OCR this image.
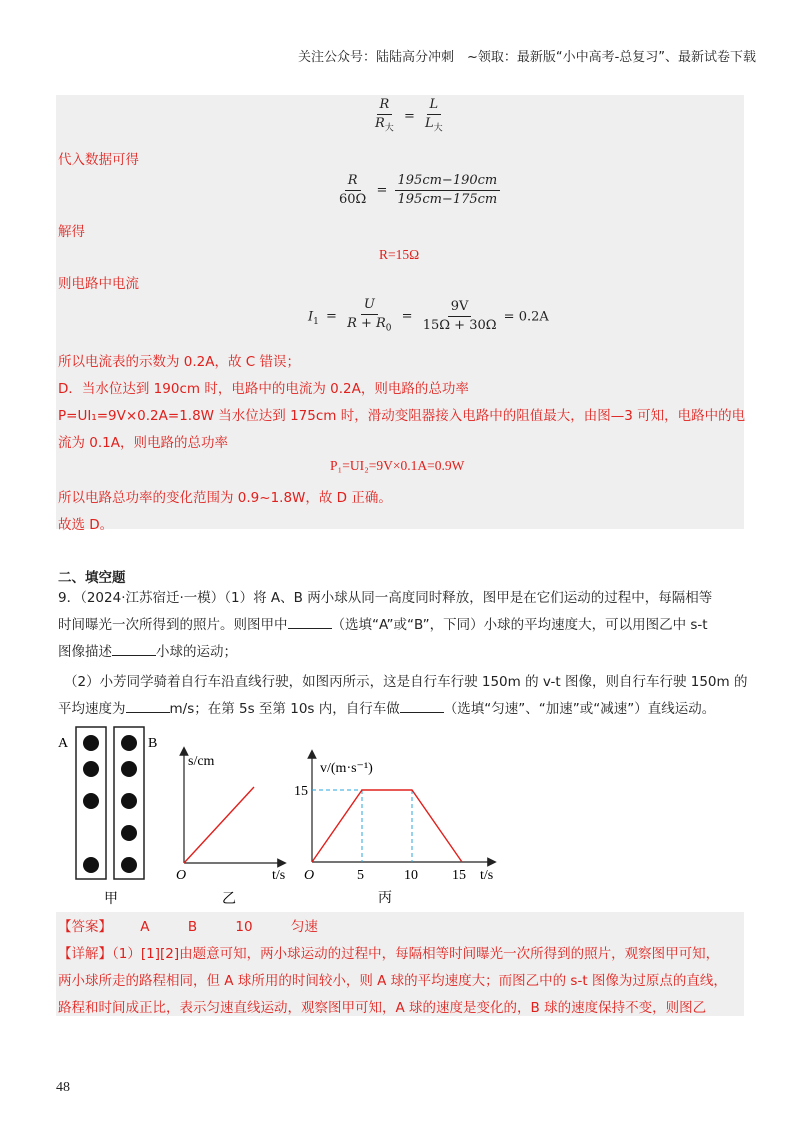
关注公众号：陆陆高分冲刺　~领取：最新版“小中高考-总复习”、最新试卷下载
$\frac{R}{R_大} = \frac{L}{L_大}$
代入数据可得
$\frac{R}{60\Omega} = \frac{195cm-190cm}{195cm-175cm}$
解得
R=15Ω
则电路中电流
$I_1 = \frac{U}{R + R_0} = \frac{9V}{15\Omega + 30\Omega} = 0.2A$
所以电流表的示数为 0.2A，故 C 错误；
D．当水位达到 190cm 时，电路中的电流为 0.2A，则电路的总功率
P=UI₁=9V×0.2A=1.8W 当水位达到 175cm 时，滑动变阻器接入电路中的阻值最大，由图—3 可知，电路中的电
流为 0.1A，则电路的总功率
P₁=UI₂=9V×0.1A=0.9W
所以电路总功率的变化范围为 0.9~1.8W，故 D 正确。
故选 D。
二、填空题
9．（2024·江苏宿迁·一模）（1）将 A、B 两小球从同一高度同时释放，图甲是在它们运动的过程中，每隔相等
时间曝光一次所得到的照片。则图甲中	（选填“A”或“B”，下同）小球的平均速度大，可以用图乙中 s-t
图像描述	小球的运动；
（2）小芳同学骑着自行车沿直线行驶，如图丙所示，这是自行车行驶 150m 的 v-t 图像，则自行车行驶 150m 的
平均速度为	m/s；在第 5s 至第 10s 内，自行车做	（选填“匀速”、“加速”或“减速”）直线运动。
A	B
甲
s/cm
O	t/s
乙
v/(m·s⁻¹)
15
O	5	10 15 t/s
丙
【答案】 A	B	10	匀速
【详解】（1）[1][2]由题意可知，两小球运动的过程中，每隔相等时间曝光一次所得到的照片，观察图甲可知，
两小球所走的路程相同，但 A 球所用的时间较小，则 A 球的平均速度大；而图乙中的 s-t 图像为过原点的直线，
路程和时间成正比，表示匀速直线运动，观察图甲可知，A 球的速度是变化的，B 球的速度保持不变，则图乙
48
